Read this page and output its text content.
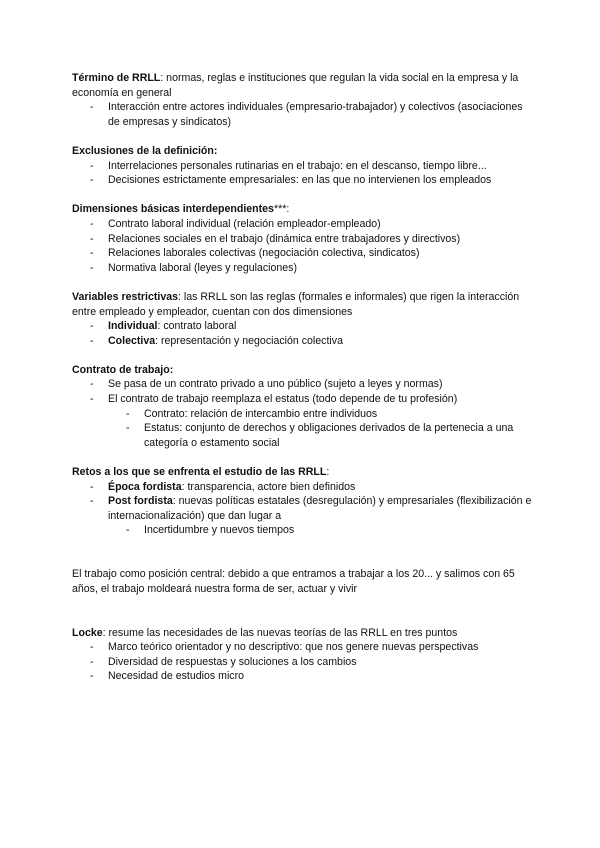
Término de RRLL: normas, reglas e instituciones que regulan la vida social en la empresa y la economía en general
- Interacción entre actores individuales (empresario-trabajador) y colectivos (asociaciones de empresas y sindicatos)
Exclusiones de la definición:
- Interrelaciones personales rutinarias en el trabajo: en el descanso, tiempo libre...
- Decisiones estrictamente empresariales: en las que no intervienen los empleados
Dimensiones básicas interdependientes***:
- Contrato laboral individual (relación empleador-empleado)
- Relaciones sociales en el trabajo (dinámica entre trabajadores y directivos)
- Relaciones laborales colectivas (negociación colectiva, sindicatos)
- Normativa laboral (leyes y regulaciones)
Variables restrictivas: las RRLL son las reglas (formales e informales) que rigen la interacción entre empleado y empleador, cuentan con dos dimensiones
- Individual: contrato laboral
- Colectiva: representación y negociación colectiva
Contrato de trabajo:
- Se pasa de un contrato privado a uno público (sujeto a leyes y normas)
- El contrato de trabajo reemplaza el estatus (todo depende de tu profesión)
- Contrato: relación de intercambio entre individuos
- Estatus: conjunto de derechos y obligaciones derivados de la pertenecia a una categoría o estamento social
Retos a los que se enfrenta el estudio de las RRLL:
- Época fordista: transparencia, actore bien definidos
- Post fordista: nuevas políticas estatales (desregulación) y empresariales (flexibilización e internacionalización) que dan lugar a
- Incertidumbre y nuevos tiempos
El trabajo como posición central: debido a que entramos a trabajar a los 20... y salimos con 65 años, el trabajo moldeará nuestra forma de ser, actuar y vivir
Locke: resume las necesidades de las nuevas teorías de las RRLL en tres puntos
- Marco teórico orientador y no descriptivo: que nos genere nuevas perspectivas
- Diversidad de respuestas y soluciones a los cambios
- Necesidad de estudios micro
